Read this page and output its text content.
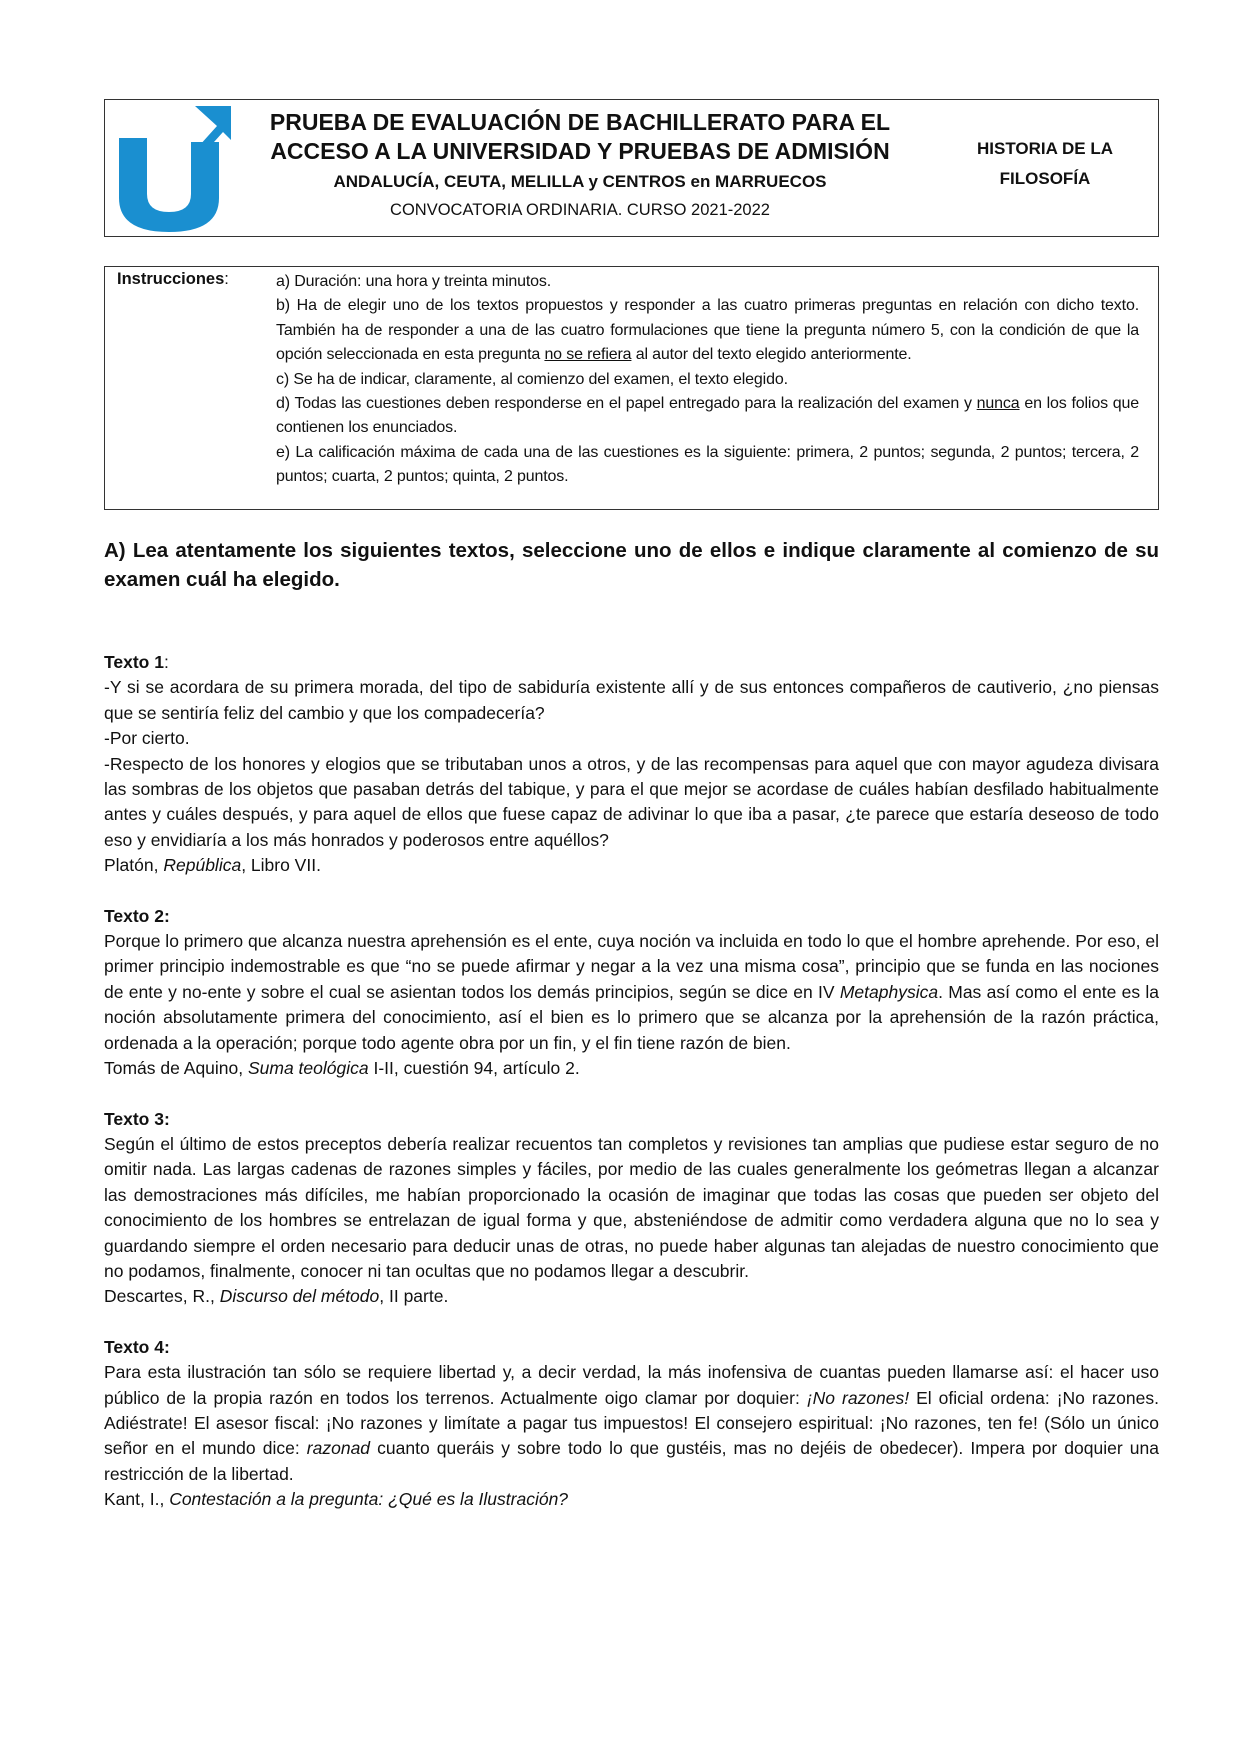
PRUEBA DE EVALUACIÓN DE BACHILLERATO PARA EL
ACCESO A LA UNIVERSIDAD Y PRUEBAS DE ADMISIÓN
ANDALUCÍA, CEUTA, MELILLA y CENTROS en MARRUECOS
CONVOCATORIA ORDINARIA. CURSO 2021-2022
HISTORIA DE LA
FILOSOFÍA
Instrucciones:	a) Duración: una hora y treinta minutos.

b) Ha de elegir uno de los textos propuestos y responder a las cuatro primeras preguntas en relación con dicho texto. También ha de responder a una de las cuatro formulaciones que tiene la pregunta número 5, con la condición de que la opción seleccionada en esta pregunta no se refiera al autor del texto elegido anteriormente.

c) Se ha de indicar, claramente, al comienzo del examen, el texto elegido.

d) Todas las cuestiones deben responderse en el papel entregado para la realización del examen y nunca en los folios que contienen los enunciados.

e) La calificación máxima de cada una de las cuestiones es la siguiente: primera, 2 puntos; segunda, 2 puntos; tercera, 2 puntos; cuarta, 2 puntos; quinta, 2 puntos.

A) Lea atentamente los siguientes textos, seleccione uno de ellos e indique claramente al comienzo de su examen cuál ha elegido.

Texto 1:

-Y si se acordara de su primera morada, del tipo de sabiduría existente allí y de sus entonces compañeros de cautiverio, ¿no piensas que se sentiría feliz del cambio y que los compadecería?

-Por cierto.

-Respecto de los honores y elogios que se tributaban unos a otros, y de las recompensas para aquel que con mayor agudeza divisara las sombras de los objetos que pasaban detrás del tabique, y para el que mejor se acordase de cuáles habían desfilado habitualmente antes y cuáles después, y para aquel de ellos que fuese capaz de adivinar lo que iba a pasar, ¿te parece que estaría deseoso de todo eso y envidiaría a los más honrados y poderosos entre aquéllos?

Platón, República, Libro VII.

Texto 2:

Porque lo primero que alcanza nuestra aprehensión es el ente, cuya noción va incluida en todo lo que el hombre aprehende. Por eso, el primer principio indemostrable es que “no se puede afirmar y negar a la vez una misma cosa”, principio que se funda en las nociones de ente y no-ente y sobre el cual se asientan todos los demás principios, según se dice en IV Metaphysica. Mas así como el ente es la noción absolutamente primera del conocimiento, así el bien es lo primero que se alcanza por la aprehensión de la razón práctica, ordenada a la operación; porque todo agente obra por un fin, y el fin tiene razón de bien.

Tomás de Aquino, Suma teológica I-II, cuestión 94, artículo 2.

Texto 3:

Según el último de estos preceptos debería realizar recuentos tan completos y revisiones tan amplias que pudiese estar seguro de no omitir nada. Las largas cadenas de razones simples y fáciles, por medio de las cuales generalmente los geómetras llegan a alcanzar las demostraciones más difíciles, me habían proporcionado la ocasión de imaginar que todas las cosas que pueden ser objeto del conocimiento de los hombres se entrelazan de igual forma y que, absteniéndose de admitir como verdadera alguna que no lo sea y guardando siempre el orden necesario para deducir unas de otras, no puede haber algunas tan alejadas de nuestro conocimiento que no podamos, finalmente, conocer ni tan ocultas que no podamos llegar a descubrir.

Descartes, R., Discurso del método, II parte.

Texto 4:

Para esta ilustración tan sólo se requiere libertad y, a decir verdad, la más inofensiva de cuantas pueden llamarse así: el hacer uso público de la propia razón en todos los terrenos. Actualmente oigo clamar por doquier: ¡No razones! El oficial ordena: ¡No razones. Adiéstrate! El asesor fiscal: ¡No razones y limítate a pagar tus impuestos! El consejero espiritual: ¡No razones, ten fe! (Sólo un único señor en el mundo dice: razonad cuanto queráis y sobre todo lo que gustéis, mas no dejéis de obedecer). Impera por doquier una restricción de la libertad.

Kant, I., Contestación a la pregunta: ¿Qué es la Ilustración?
